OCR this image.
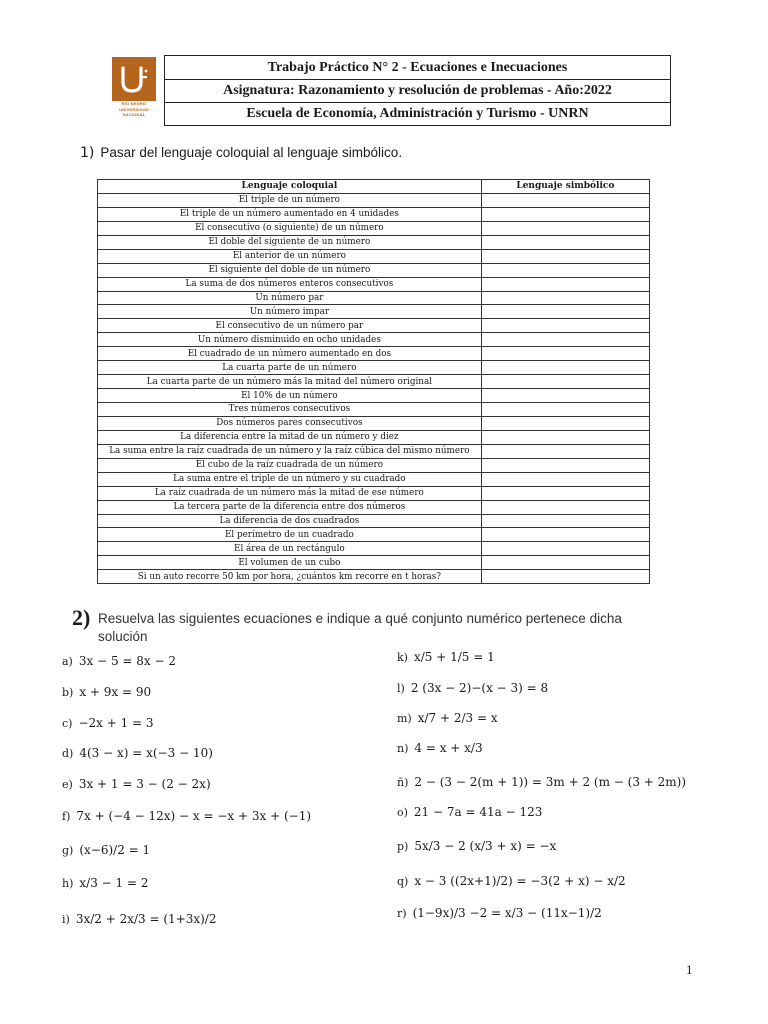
RIO NEGRO
UNIVERSIDAD
NACIONAL
Trabajo Práctico N° 2 - Ecuaciones e Inecuaciones
Asignatura: Razonamiento y resolución de problemas - Año:2022
Escuela de Economía, Administración y Turismo - UNRN
1) Pasar del lenguaje coloquial al lenguaje simbólico.
Lenguaje coloquial	Lenguaje simbólico
El triple de un número	
El triple de un número aumentado en 4 unidades	
El consecutivo (o siguiente) de un número	
El doble del siguiente de un número	
El anterior de un número	
El siguiente del doble de un número	
La suma de dos números enteros consecutivos	
Un número par	
Un número impar	
El consecutivo de un número par	
Un número disminuido en ocho unidades	
El cuadrado de un número aumentado en dos	
La cuarta parte de un número	
La cuarta parte de un número más la mitad del número original	
El 10% de un número	
Tres números consecutivos	
Dos números pares consecutivos	
La diferencia entre la mitad de un número y diez	
La suma entre la raíz cuadrada de un número y la raíz cúbica del mismo número	
El cubo de la raíz cuadrada de un número	
La suma entre el triple de un número y su cuadrado	
La raíz cuadrada de un número más la mitad de ese número	
La tercera parte de la diferencia entre dos números	
La diferencia de dos cuadrados	
El perímetro de un cuadrado	
El área de un rectángulo	
El volumen de un cubo	
Si un auto recorre 50 km por hora, ¿cuántos km recorre en t horas?	
2) Resuelva las siguientes ecuaciones e indique a qué conjunto numérico pertenece dicha solución
a) 3x − 5 = 8x − 2
b) x + 9x = 90
c) −2x + 1 = 3
d) 4(3 − x) = x(−3 − 10)
e) 3x + 1 = 3 − (2 − 2x)
f) 7x + (−4 − 12x) − x = −x + 3x + (−1)
g) (x−6)/2 = 1
h) x/3 − 1 = 2
i) 3x/2 + 2x/3 = (1+3x)/2
k) x/5 + 1/5 = 1
l) 2 (3x − 2)−(x − 3) = 8
m) x/7 + 2/3 = x
n) 4 = x + x/3
ñ) 2 − (3 − 2(m + 1)) = 3m + 2 (m − (3 + 2m))
o) 21 − 7a = 41a − 123
p) 5x/3 − 2 (x/3 + x) = −x
q) x − 3 ((2x+1)/2) = −3(2 + x) − x/2
r) (1−9x)/3 −2 = x/3 − (11x−1)/2
1
